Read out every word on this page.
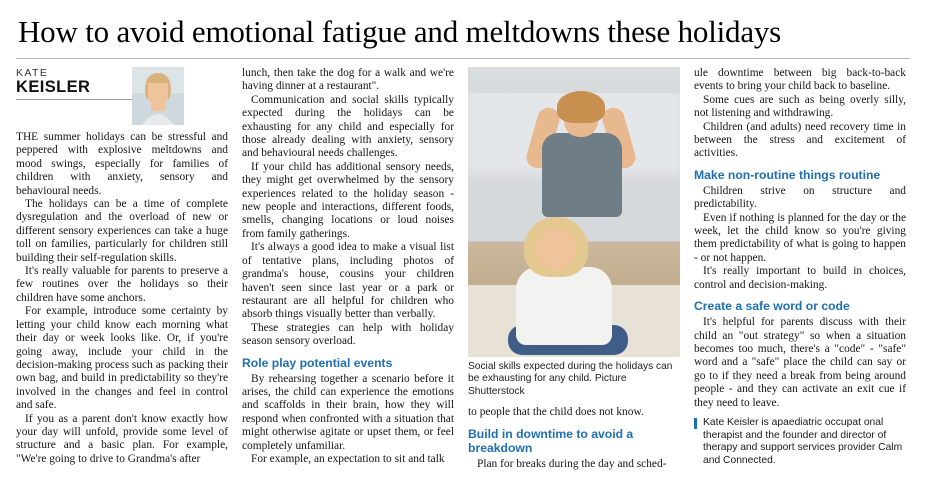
How to avoid emotional fatigue and meltdowns these holidays
KATE
KEISLER

THE summer holidays can be stressful and peppered with explosive meltdowns and mood swings, especially for families of children with anxiety, sensory and behavioural needs.

The holidays can be a time of complete dysregulation and the overload of new or different sensory experiences can take a huge toll on families, particularly for children still building their self-regulation skills.

It's really valuable for parents to preserve a few routines over the holidays so their children have some anchors.

For example, introduce some certainty by letting your child know each morning what their day or week looks like. Or, if you're going away, include your child in the decision-making process such as packing their own bag, and build in predictability so they're involved in the changes and feel in control and safe.

If you as a parent don't know exactly how your day will unfold, provide some level of structure and a basic plan. For example, "We're going to drive to Grandma's after

lunch, then take the dog for a walk and we're having dinner at a restaurant".

Communication and social skills typically expected during the holidays can be exhausting for any child and especially for those already dealing with anxiety, sensory and behavioural needs challenges.

If your child has additional sensory needs, they might get overwhelmed by the sensory experiences related to the holiday season - new people and interactions, different foods, smells, changing locations or loud noises from family gatherings.

It's always a good idea to make a visual list of tentative plans, including photos of grandma's house, cousins your children haven't seen since last year or a park or restaurant are all helpful for children who absorb things visually better than verbally.

These strategies can help with holiday season sensory overload.

Role play potential events

By rehearsing together a scenario before it arises, the child can experience the emotions and scaffolds in their brain, how they will respond when confronted with a situation that might otherwise agitate or upset them, or feel completely unfamiliar.

For example, an expectation to sit and talk

Social skills expected during the holidays can be exhausting for any child. Picture Shutterstock

to people that the child does not know.

Build in downtime to avoid a breakdown

Plan for breaks during the day and sched-

ule downtime between big back-to-back events to bring your child back to baseline.

Some cues are such as being overly silly, not listening and withdrawing.

Children (and adults) need recovery time in between the stress and excitement of activities.

Make non-routine things routine

Children strive on structure and predictability.

Even if nothing is planned for the day or the week, let the child know so you're giving them predictability of what is going to happen - or not happen.

It's really important to build in choices, control and decision-making.

Create a safe word or code

It's helpful for parents discuss with their child an "out strategy" so when a situation becomes too much, there's a "code" - "safe" word and a "safe" place the child can say or go to if they need a break from being around people - and they can activate an exit cue if they need to leave.

Kate Keisler is apaediatric occupat onal therapist and the founder and director of therapy and support services provider Calm and Connected.
